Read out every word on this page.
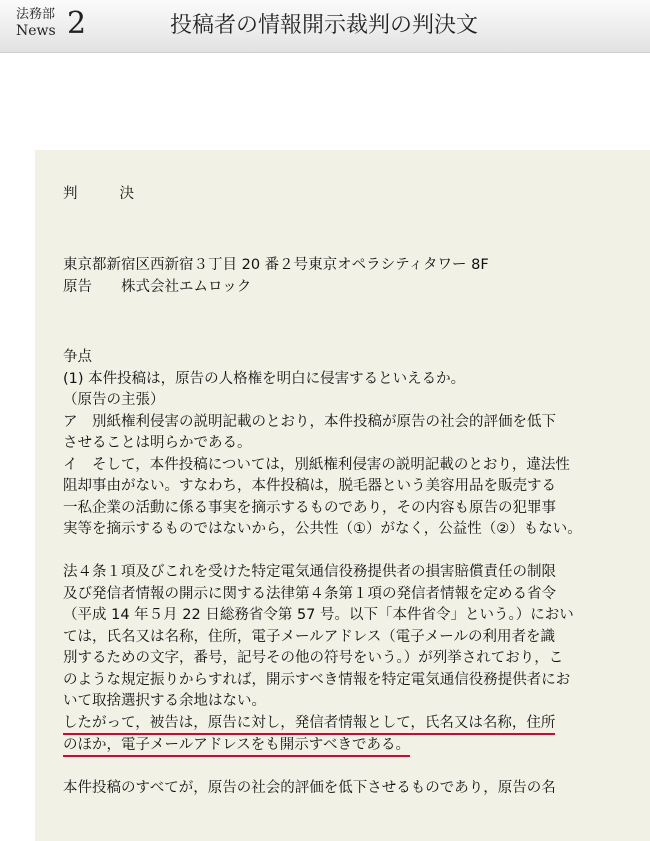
法務部
News 2	投稿者の情報開示裁判の判決文
判	決

東京都新宿区西新宿３丁目 20 番２号東京オペラシティタワー 8F

原告　　 株式会社エムロック

争点

(1) 本件投稿は，原告の人格権を明白に侵害するといえるか。

（原告の主張）

ア　別紙権利侵害の説明記載のとおり，本件投稿が原告の社会的評価を低下

させることは明らかである。

イ　そして，本件投稿については，別紙権利侵害の説明記載のとおり，違法性

阻却事由がない。すなわち，本件投稿は，脱毛器という美容用品を販売する

一私企業の活動に係る事実を摘示するものであり，その内容も原告の犯罪事

実等を摘示するものではないから，公共性（①）がなく，公益性（②）もない。

法４条１項及びこれを受けた特定電気通信役務提供者の損害賠償責任の制限

及び発信者情報の開示に関する法律第４条第１項の発信者情報を定める省令

（平成 14 年５月 22 日総務省令第 57 号。以下「本件省令」という。）におい

ては，氏名又は名称，住所，電子メールアドレス（電子メールの利用者を識

別するための文字，番号，記号その他の符号をいう。）が列挙されており，こ

のような規定振りからすれば，開示すべき情報を特定電気通信役務提供者にお

いて取捨選択する余地はない。

したがって，被告は，原告に対し，発信者情報として，氏名又は名称，住所

のほか，電子メールアドレスをも開示すべきである。

本件投稿のすべてが，原告の社会的評価を低下させるものであり，原告の名
